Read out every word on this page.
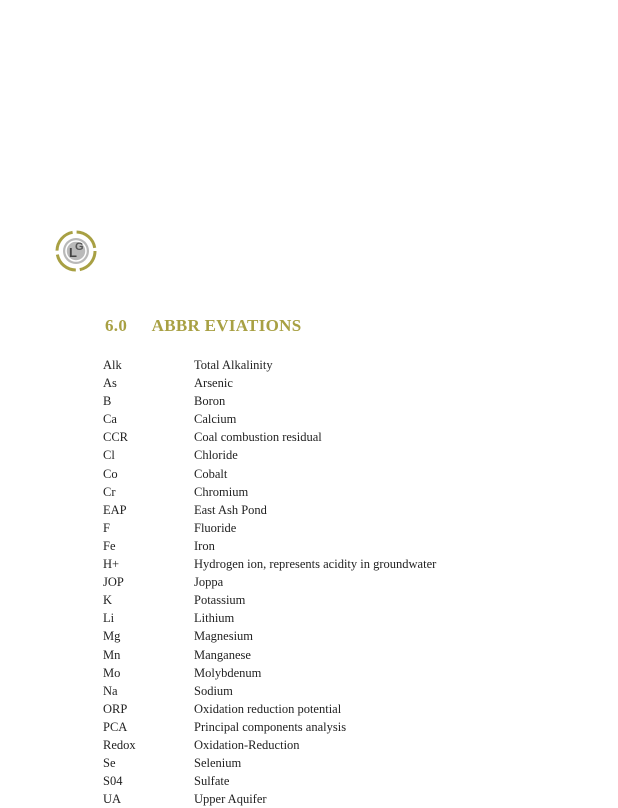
L
G
6.0 ABBR EVIATIONS
Alk	Total Alkalinity
As	Arsenic
B	Boron
Ca	Calcium
CCR	Coal combustion residual
Cl	Chloride
Co	Cobalt
Cr	Chromium
EAP	East Ash Pond
F	Fluoride
Fe	Iron
H+	Hydrogen ion, represents acidity in groundwater
JOP	Joppa
K	Potassium
Li	Lithium
Mg	Magnesium
Mn	Manganese
Mo	Molybdenum
Na	Sodium
ORP	Oxidation reduction potential
PCA	Principal components analysis
Redox	Oxidation-Reduction
Se	Selenium
S04	Sulfate
UA	Upper Aquifer
